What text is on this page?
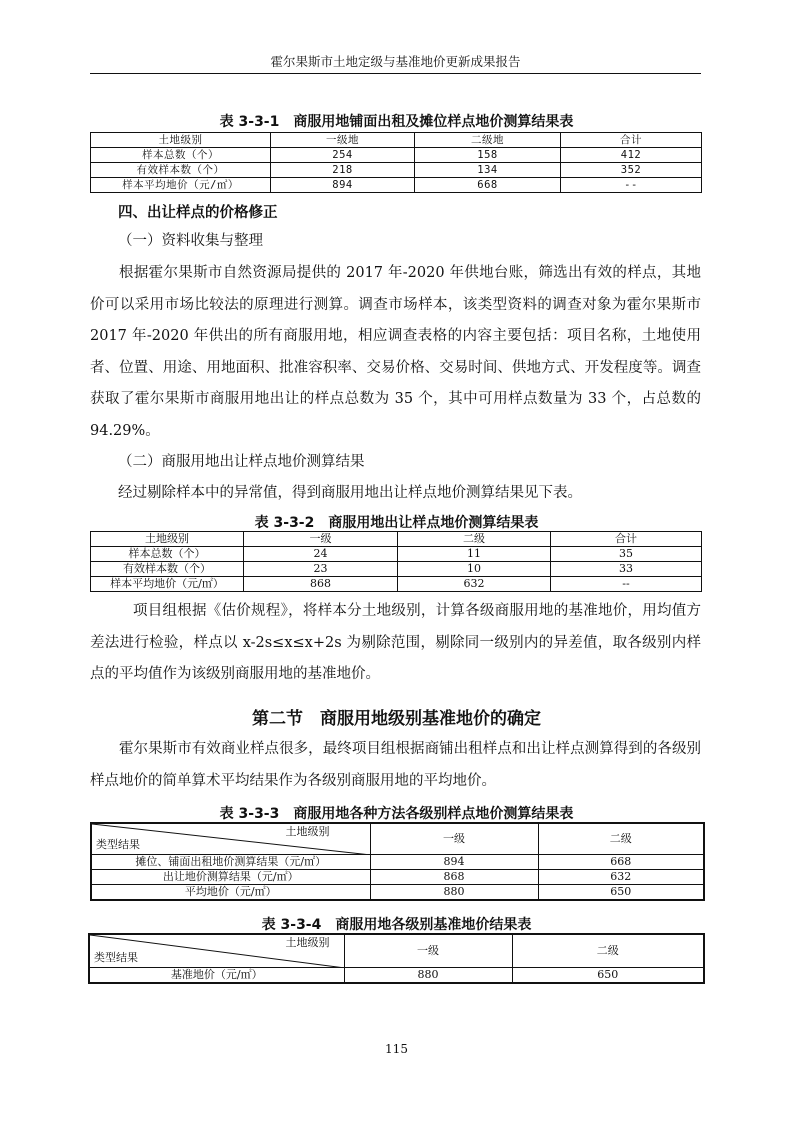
霍尔果斯市土地定级与基准地价更新成果报告
表 3-3-1　商服用地铺面出租及摊位样点地价测算结果表
土地级别	一级地	二级地	合计
样本总数（个）	254	158	412
有效样本数（个）	218	134	352
样本平均地价（元/㎡）	894	668	--
四、出让样点的价格修正
（一）资料收集与整理
根据霍尔果斯市自然资源局提供的 2017 年-2020 年供地台账，筛选出有效的样点，其地价可以采用市场比较法的原理进行测算。调查市场样本，该类型资料的调查对象为霍尔果斯市 2017 年-2020 年供出的所有商服用地，相应调查表格的内容主要包括：项目名称，土地使用者、位置、用途、用地面积、批准容积率、交易价格、交易时间、供地方式、开发程度等。调查获取了霍尔果斯市商服用地出让的样点总数为 35 个，其中可用样点数量为 33 个，占总数的 94.29%。
（二）商服用地出让样点地价测算结果
经过剔除样本中的异常值，得到商服用地出让样点地价测算结果见下表。
表 3-3-2　商服用地出让样点地价测算结果表
土地级别	一级	二级	合计
样本总数（个）	24	11	35
有效样本数（个）	23	10	33
样本平均地价（元/㎡）	868	632	--
项目组根据《估价规程》，将样本分土地级别，计算各级商服用地的基准地价，用均值方差法进行检验，样点以 x-2s≤x≤x+2s 为剔除范围，剔除同一级别内的异差值，取各级别内样点的平均值作为该级别商服用地的基准地价。
第二节　商服用地级别基准地价的确定
霍尔果斯市有效商业样点很多，最终项目组根据商铺出租样点和出让样点测算得到的各级别样点地价的简单算术平均结果作为各级别商服用地的平均地价。
表 3-3-3　商服用地各种方法各级别样点地价测算结果表
土地级别
类型结果	一级	二级
摊位、铺面出租地价测算结果（元/㎡）	894	668
出让地价测算结果（元/㎡）	868	632
平均地价（元/㎡）	880	650
表 3-3-4　商服用地各级别基准地价结果表
土地级别
类型结果	一级	二级
基准地价（元/㎡）	880	650
115
